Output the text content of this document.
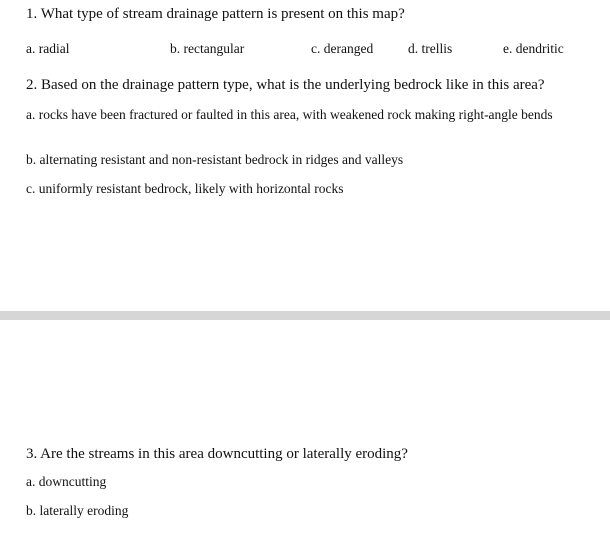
1. What type of stream drainage pattern is present on this map?
a. radial	b. rectangular	c. deranged	d. trellis	e. dendritic
2. Based on the drainage pattern type, what is the underlying bedrock like in this area?
a. rocks have been fractured or faulted in this area, with weakened rock making right-angle bends
b. alternating resistant and non-resistant bedrock in ridges and valleys
c. uniformly resistant bedrock, likely with horizontal rocks
3. Are the streams in this area downcutting or laterally eroding?
a. downcutting
b. laterally eroding
